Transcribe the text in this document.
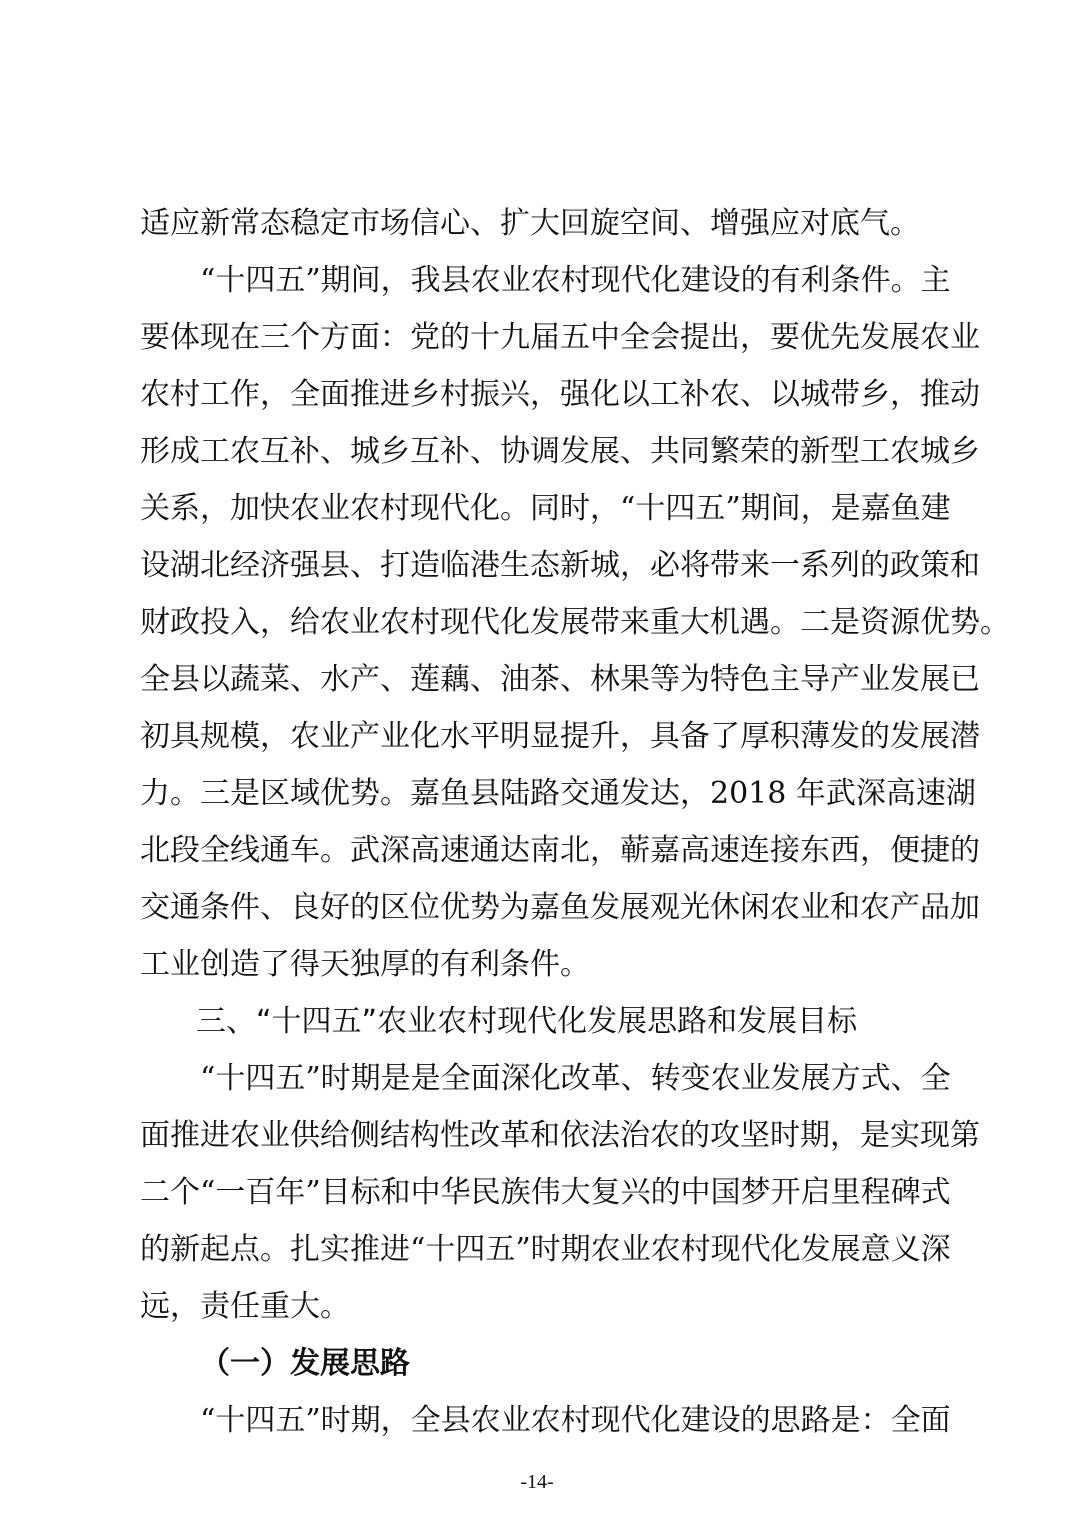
适应新常态稳定市场信心、扩大回旋空间、增强应对底气。
“十四五”期间，我县农业农村现代化建设的有利条件。主
要体现在三个方面：党的十九届五中全会提出，要优先发展农业
农村工作，全面推进乡村振兴，强化以工补农、以城带乡，推动
形成工农互补、城乡互补、协调发展、共同繁荣的新型工农城乡
关系，加快农业农村现代化。同时，“十四五”期间，是嘉鱼建
设湖北经济强县、打造临港生态新城，必将带来一系列的政策和
财政投入，给农业农村现代化发展带来重大机遇。二是资源优势。
全县以蔬菜、水产、莲藕、油茶、林果等为特色主导产业发展已
初具规模，农业产业化水平明显提升，具备了厚积薄发的发展潜
力。三是区域优势。嘉鱼县陆路交通发达，2018 年武深高速湖
北段全线通车。武深高速通达南北，蕲嘉高速连接东西，便捷的
交通条件、良好的区位优势为嘉鱼发展观光休闲农业和农产品加
工业创造了得天独厚的有利条件。
三、“十四五”农业农村现代化发展思路和发展目标
“十四五”时期是是全面深化改革、转变农业发展方式、全
面推进农业供给侧结构性改革和依法治农的攻坚时期，是实现第
二个“一百年”目标和中华民族伟大复兴的中国梦开启里程碑式
的新起点。扎实推进“十四五”时期农业农村现代化发展意义深
远，责任重大。
（一）发展思路
“十四五”时期，全县农业农村现代化建设的思路是：全面
-14-
